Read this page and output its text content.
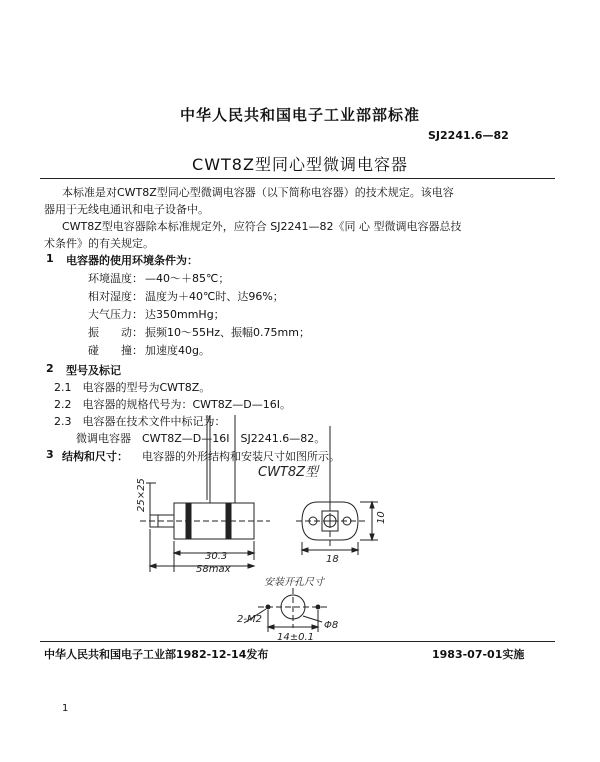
中华人民共和国电子工业部部标准
SJ2241.6—82
CWT8Z型同心型微调电容器
本标准是对CWT8Z型同心型微调电容器（以下简称电容器）的技术规定。该电容
器用于无线电通讯和电子设备中。
CWT8Z型电容器除本标准规定外，应符合 SJ2241—82《同 心 型微调电容器总技
术条件》的有关规定。
1 电容器的使用环境条件为：
环境温度： —40～＋85℃；
相对湿度： 温度为＋40℃时、达96%；
大气压力： 达350mmHg；
振　　动： 振频10～55Hz、振幅0.75mm；
碰　　撞： 加速度40g。
2 型号及标记
2.1　电容器的型号为CWT8Z。
2.2　电容器的规格代号为：CWT8Z—D—16I。
2.3　电容器在技术文件中标记为：
微调电容器　CWT8Z—D—16I　SJ2241.6—82。
3 结构和尺寸： 电容器的外形结构和安装尺寸如图所示。
CWT8Z型
25×25
30.3
58max
10
18
安装开孔尺寸
2-M2
Φ8
14±0.1
中华人民共和国电子工业部1982-12-14发布	1983-07-01实施
1
